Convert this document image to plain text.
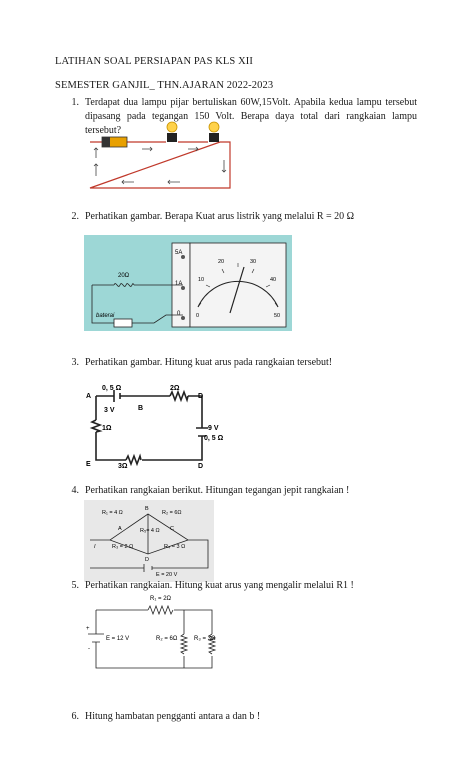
LATIHAN SOAL PERSIAPAN PAS KLS XII
SEMESTER GANJIL_ THN.AJARAN 2022-2023
1. Terdapat dua lampu pijar bertuliskan 60W,15Volt. Apabila kedua lampu tersebut dipasang pada tegangan 150 Volt. Berapa daya total dari rangkaian lampu tersebut?
2. Perhatikan gambar. Berapa Kuat arus listrik yang melalui R = 20 Ω
5A
1A
0	0
10
20	30
40
50
20Ω
baterai
3. Perhatikan gambar. Hitung kuat arus pada rangkaian tersebut!
A
0, 5 Ω
3 V	B
2Ω
D
9 V
0, 5 Ω
1Ω
E	3Ω	D
4. Perhatikan rangkaian berikut. Hitungan tegangan jepit rangkaian !
B
A	C
D
I
R₁ = 4 Ω	R₂ = 6Ω
R₅= 4 Ω
R₃ = 2 Ω	R₄ = 3 Ω
E = 20 V
5. Perhatikan rangkaian. Hitung kuat arus yang mengalir melalui R1 !
R₁ = 2Ω
R₂ = 6Ω	R₃ = 3Ω
E = 12 V
+
-
6. Hitung hambatan pengganti antara a dan b !
